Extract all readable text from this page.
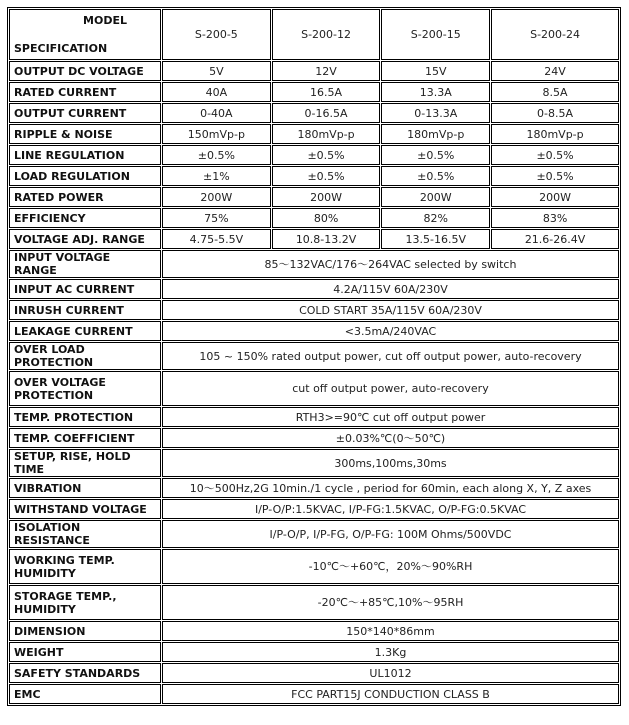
MODEL
SPECIFICATION	S-200-5	S-200-12	S-200-15	S-200-24
OUTPUT DC VOLTAGE	5V	12V	15V	24V
RATED CURRENT	40A	16.5A	13.3A	8.5A
OUTPUT CURRENT	0-40A	0-16.5A	0-13.3A	0-8.5A
RIPPLE & NOISE	150mVp-p	180mVp-p	180mVp-p	180mVp-p
LINE REGULATION	±0.5%	±0.5%	±0.5%	±0.5%
LOAD REGULATION	±1%	±0.5%	±0.5%	±0.5%
RATED POWER	200W	200W	200W	200W
EFFICIENCY	75%	80%	82%	83%
VOLTAGE ADJ. RANGE	4.75-5.5V	10.8-13.2V	13.5-16.5V	21.6-26.4V
INPUT VOLTAGE RANGE	85～132VAC/176～264VAC selected by switch			
INPUT AC CURRENT	4.2A/115V 60A/230V			
INRUSH CURRENT	COLD START 35A/115V 60A/230V			
LEAKAGE CURRENT	<3.5mA/240VAC			
OVER LOAD PROTECTION	105 ~ 150% rated output power, cut off output power, auto-recovery			
OVER VOLTAGE PROTECTION	cut off output power, auto-recovery			
TEMP. PROTECTION	RTH3>=90℃ cut off output power			
TEMP. COEFFICIENT	±0.03%℃(0～50℃)			
SETUP, RISE, HOLD TIME	300ms,100ms,30ms			
VIBRATION	10～500Hz,2G 10min./1 cycle , period for 60min, each along X, Y, Z axes			
WITHSTAND VOLTAGE	I/P-O/P:1.5KVAC, I/P-FG:1.5KVAC, O/P-FG:0.5KVAC			
ISOLATION RESISTANCE	I/P-O/P, I/P-FG, O/P-FG: 100M Ohms/500VDC			
WORKING TEMP. HUMIDITY	-10℃～+60℃，20%～90%RH			
STORAGE TEMP., HUMIDITY	-20℃～+85℃,10%～95RH			
DIMENSION	150*140*86mm			
WEIGHT	1.3Kg			
SAFETY STANDARDS	UL1012			
EMC	FCC PART15J CONDUCTION CLASS B			
